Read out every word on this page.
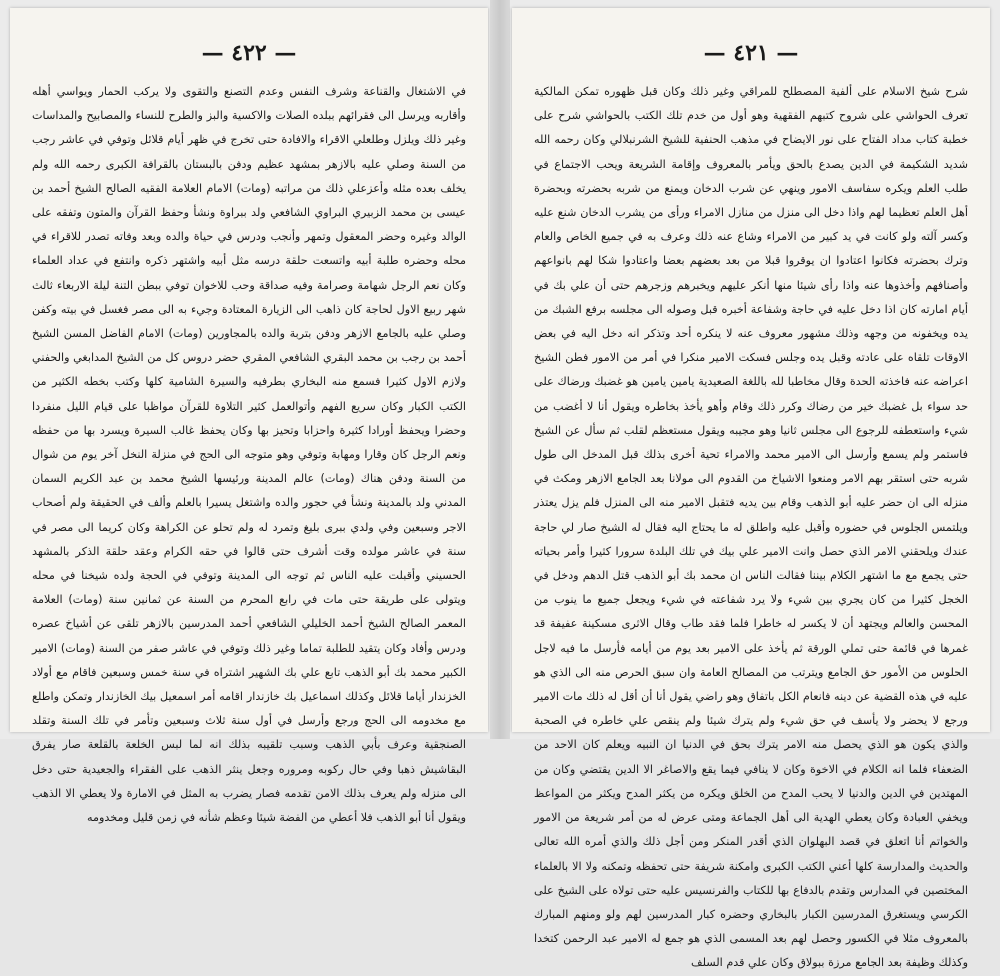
— ٤٢٢ —

في الاشتغال والقناعة وشرف النفس وعدم التصنع والتقوى ولا يركب الحمار ويواسي أهله وأقاربه ويرسل الى فقرائهم ببلده الصلات والاكسية والبز والطرح للنساء والمصابيح والمداسات وغير ذلك ويلزل وطلعلي الاقراء والافادة حتى تخرج في ظهر أيام قلائل وتوفي في عاشر رجب من السنة وصلي عليه بالازهر بمشهد عظيم ودفن بالبستان بالقرافة الكبرى رحمه الله ولم يخلف بعده مثله وأعزعلي ذلك من مراتبه (ومات) الامام العلامة الفقيه الصالح الشيخ أحمد بن عيسى بن محمد الزبيري البراوي الشافعي ولد ببراوة ونشأ وحفظ القرآن والمتون وتفقه على الوالد وغيره وحضر المعقول وتمهر وأنجب ودرس في حياة والده وبعد وفاته تصدر للاقراء في محله وحضره طلبة أبيه واتسعت حلقة درسه مثل أبيه واشتهر ذكره وانتفع في عداد العلماء وكان نعم الرجل شهامة وصرامة وفيه صداقة وحب للاخوان توفي ببطن التنة ليلة الاربعاء ثالث شهر ربيع الاول لحاجة كان ذاهب الى الزيارة المعتادة وجيء به الى مصر فغسل في بيته وكفن وصلي عليه بالجامع الازهر ودفن بتربة والده بالمجاورين (ومات) الامام الفاضل المسن الشيخ أحمد بن رجب بن محمد البقري الشافعي المقري حضر دروس كل من الشيخ المدابغي والحفني ولازم الاول كثيرا فسمع منه البخاري بطرفيه والسيرة الشامية كلها وكتب بخطه الكثير من الكتب الكبار وكان سريع الفهم وأتوالعمل كثير التلاوة للقرآن مواظبا على قيام الليل منفردا وحضرا ويحفظ أورادا كثيرة واحزابا وتحيز بها وكان يحفظ غالب السيرة ويسرد بها من حفظه ونعم الرجل كان وقارا ومهابة وتوفي وهو متوجه الى الحج في منزلة النخل آخر يوم من شوال من السنة ودفن هناك (ومات) عالم المدينة ورئيسها الشيخ محمد بن عبد الكريم السمان المدني ولد بالمدينة ونشأ في حجور والده واشتغل يسيرا بالعلم وألف في الحقيقة ولم أصحاب الاجر وسبعين وفي ولدي ببرى بليغ وتمرد له ولم تحلو عن الكراهة وكان كريما الى مصر في سنة في عاشر مولده وقت أشرف حتى قالوا في حقه الكرام وعقد حلقة الذكر بالمشهد الحسيني وأقبلت عليه الناس ثم توجه الى المدينة وتوفي في الحجة ولده شيخنا في محله ويتولى على طريقة حتى مات في رابع المحرم من السنة عن ثمانين سنة (ومات) العلامة المعمر الصالح الشيخ أحمد الخليلي الشافعي أحمد المدرسين بالازهر تلقى عن أشياخ عصره ودرس وأفاد وكان يتقيد للطلبة تماما وغير ذلك وتوفي في عاشر صفر من السنة (ومات) الامير الكبير محمد بك أبو الذهب تابع علي بك الشهير اشتراه في سنة خمس وسبعين فاقام مع أولاد الخزندار أياما قلائل وكذلك اسماعيل بك خازندار اقامه أمر اسمعيل بيك الخازندار وتمكن واطلع مع مخدومه الى الحج ورجع وأرسل في أول سنة ثلاث وسبعين وتأمر في تلك السنة وتقلد الصنجقية وعرف بأبي الذهب وسبب تلقيبه بذلك انه لما لبس الخلعة بالقلعة صار يفرق البقاشيش ذهبا وفي حال ركوبه ومروره وجعل ينثر الذهب على الفقراء والجعيدية حتى دخل الى منزله ولم يعرف بذلك الامن تقدمه فصار يضرب به المثل في الامارة ولا يعطي الا الذهب ويقول أنا أبو الذهب فلا أعطي من الفضة شيئا وعظم شأنه في زمن قليل ومخدومه

— ٤٢١ —

شرح شيخ الاسلام على ألفية المصطلح للمراقي وغير ذلك وكان قبل ظهوره تمكن المالكية تعرف الحواشي على شروح كتبهم الفقهية وهو أول من خدم تلك الكتب بالحواشي شرح على خطبة كتاب مداد الفتاح على نور الايضاح في مذهب الحنفية للشيخ الشرنبلالي وكان رحمه الله شديد الشكيمة في الدين يصدع بالحق ويأمر بالمعروف وإقامة الشريعة ويحب الاجتماع في طلب العلم ويكره سفاسف الامور وينهي عن شرب الدخان ويمنع من شربه بحضرته وبحضرة أهل العلم تعظيما لهم واذا دخل الى منزل من منازل الامراء ورأى من يشرب الدخان شنع عليه وكسر آلته ولو كانت في يد كبير من الامراء وشاع عنه ذلك وعرف به في جميع الخاص والعام وترك بحضرته فكانوا اعتادوا ان يوقروا قبلا من بعد بعضهم بعضا واعتادوا شكا لهم بانواعهم وأصنافهم وأخذوها عنه واذا رأى شيئا منها أنكر عليهم ويخبرهم وزجرهم حتى أن علي بك في أيام امارته كان اذا دخل عليه في حاجة وشفاعة أخبره قبل وصوله الى مجلسه برفع الشبك من يده ويخفونه من وجهه وذلك مشهور معروف عنه لا ينكره أحد وتذكر انه دخل اليه في بعض الاوقات تلقاه على عادته وقبل يده وجلس فسكت الامير منكرا في أمر من الامور فطن الشيخ اعراضه عنه فاخذته الحدة وقال مخاطبا لله باللغة الصعيدية يامين يامين هو غضبك ورضاك على حد سواء بل غضبك خير من رضاك وكرر ذلك وقام وأهو يأخذ بخاطره ويقول أنا لا أغضب من شيء واستعطفه للرجوع الى مجلس ثانيا وهو مجيبه ويقول مستعظم لقلب ثم سأل عن الشيخ فاستمر ولم يسمع وأرسل الى الامير محمد والامراء تحية أخرى بذلك قبل المدخل الى طول شربه حتى استقر بهم الامر ومنعوا الاشياخ من القدوم الى مولانا بعد الجامع الازهر ومكث في منزله الى ان حضر عليه أبو الذهب وقام بين يديه فتقبل الامير منه الى المنزل فلم يزل يعتذر ويلتمس الجلوس في حضوره وأقبل عليه واطلق له ما يحتاج اليه فقال له الشيخ صار لي حاجة عندك ويلحقني الامر الذي حصل وانت الامير علي بيك في تلك البلدة سرورا كثيرا وأمر بحياته حتى يجمع مع ما اشتهر الكلام بيننا فقالت الناس ان محمد بك أبو الذهب قتل الدهم ودخل في الخجل كثيرا من كان يجري بين شيء ولا يرد شفاعته في شيء ويجعل جميع ما ينوب من المحسن والعالم ويجتهد أن لا يكسر له خاطرا فلما فقد طاب وقال الاثرى مسكينة عفيفة قد غمرها في قائمة حتى تملي الورقة ثم يأخذ على الامير بعد يوم من أيامه فأرسل ما فيه لاجل الحلوس من الأمور حق الجامع ويترتب من المصالح العامة وان سبق الحرص منه الى الذي هو عليه في هذه القضية عن دينه فانعام الكل باتفاق وهو راضي يقول أنا أن أقل له ذلك مات الامير ورجع لا يحضر ولا يأسف في حق شيء ولم يترك شيئا ولم ينقص علي خاطره في الصحبة والذي يكون هو الذي يحصل منه الامر يترك بحق في الدنيا ان النبيه ويعلم كان الاحد من الضعفاء فلما انه الكلام في الاخوة وكان لا ينافي فيما يقع والاصاغر الا الدين يقتضي وكان من المهتدين في الدين والدنيا لا يحب المدح من الخلق ويكره من يكثر المدح ويكثر من المواعظ ويخفي العبادة وكان يعطي الهدية الى أهل الجماعة ومتى عرض له من أمر شريعة من الامور والخواتم أنا اتعلق في قصد البهلوان الذي أقدر المنكر ومن أجل ذلك والذي أمره الله تعالى والحديث والمدارسة كلها أعني الكتب الكبرى وامكنة شريفة حتى تحفظه وتمكنه ولا الا بالعلماء المختصين في المدارس وتقدم بالدفاع بها للكتاب والفرنسيس عليه حتى تولاه على الشيخ على الكرسي ويستغرق المدرسين الكبار بالبخاري وحضره كبار المدرسين لهم ولو ومنهم المبارك بالمعروف مثلا في الكسور وحصل لهم بعد المسمى الذي هو جمع له الامير عبد الرحمن كتخدا وكذلك وظيفة بعد الجامع مرزة ببولاق وكان علي قدم السلف
